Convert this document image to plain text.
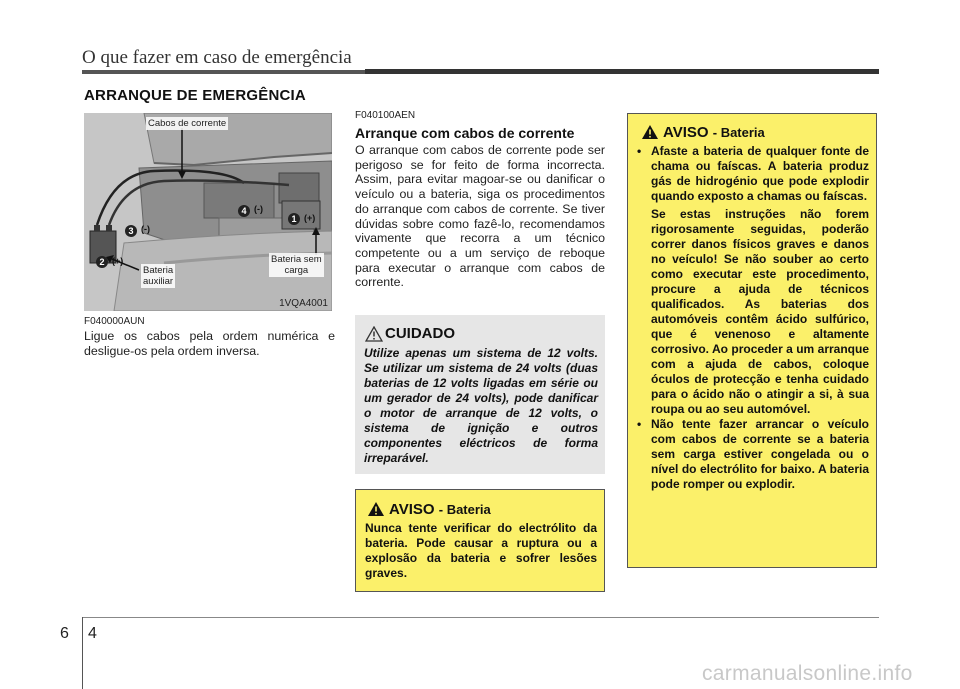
O que fazer em caso de emergência
ARRANQUE DE EMERGÊNCIA
Cabos de corrente
Bateria
auxiliar
Bateria sem
carga
1 (+)
2 (+)
3 (-)
4 (-)
1VQA4001
F040000AUN
Ligue os cabos pela ordem numérica e desligue-os pela ordem inversa.
F040100AEN
Arranque com cabos de corrente
O arranque com cabos de corrente pode ser perigoso se for feito de forma incorrecta. Assim, para evitar magoar-se ou danificar o veículo ou a bateria, siga os procedimentos do arranque com cabos de corrente. Se tiver dúvidas sobre como fazê-lo, recomendamos vivamente que recorra a um técnico competente ou a um serviço de reboque para executar o arranque com cabos de corrente.
CUIDADO
Utilize apenas um sistema de 12 volts. Se utilizar um sistema de 24 volts (duas baterias de 12 volts ligadas em série ou um gerador de 24 volts), pode danificar o motor de arranque de 12 volts, o sistema de ignição e outros componentes eléctricos de forma irreparável.
AVISO - Bateria
Nunca tente verificar do electrólito da bateria. Pode causar a ruptura ou a explosão da bateria e sofrer lesões graves.
AVISO - Bateria
• Afaste a bateria de qualquer fonte de chama ou faíscas. A bateria produz gás de hidrogénio que pode explodir quando exposto a chamas ou faíscas.

Se estas instruções não forem rigorosamente seguidas, poderão correr danos físicos graves e danos no veículo! Se não souber ao certo como executar este procedimento, procure a ajuda de técnicos qualificados. As baterias dos automóveis contêm ácido sulfúrico, que é venenoso e altamente corrosivo. Ao proceder a um arranque com a ajuda de cabos, coloque óculos de protecção e tenha cuidado para o ácido não o atingir a si, à sua roupa ou ao seu automóvel.

• Não tente fazer arrancar o veículo com cabos de corrente se a bateria sem carga estiver congelada ou o nível do electrólito for baixo. A bateria pode romper ou explodir.

6 4
carmanualsonline.info
